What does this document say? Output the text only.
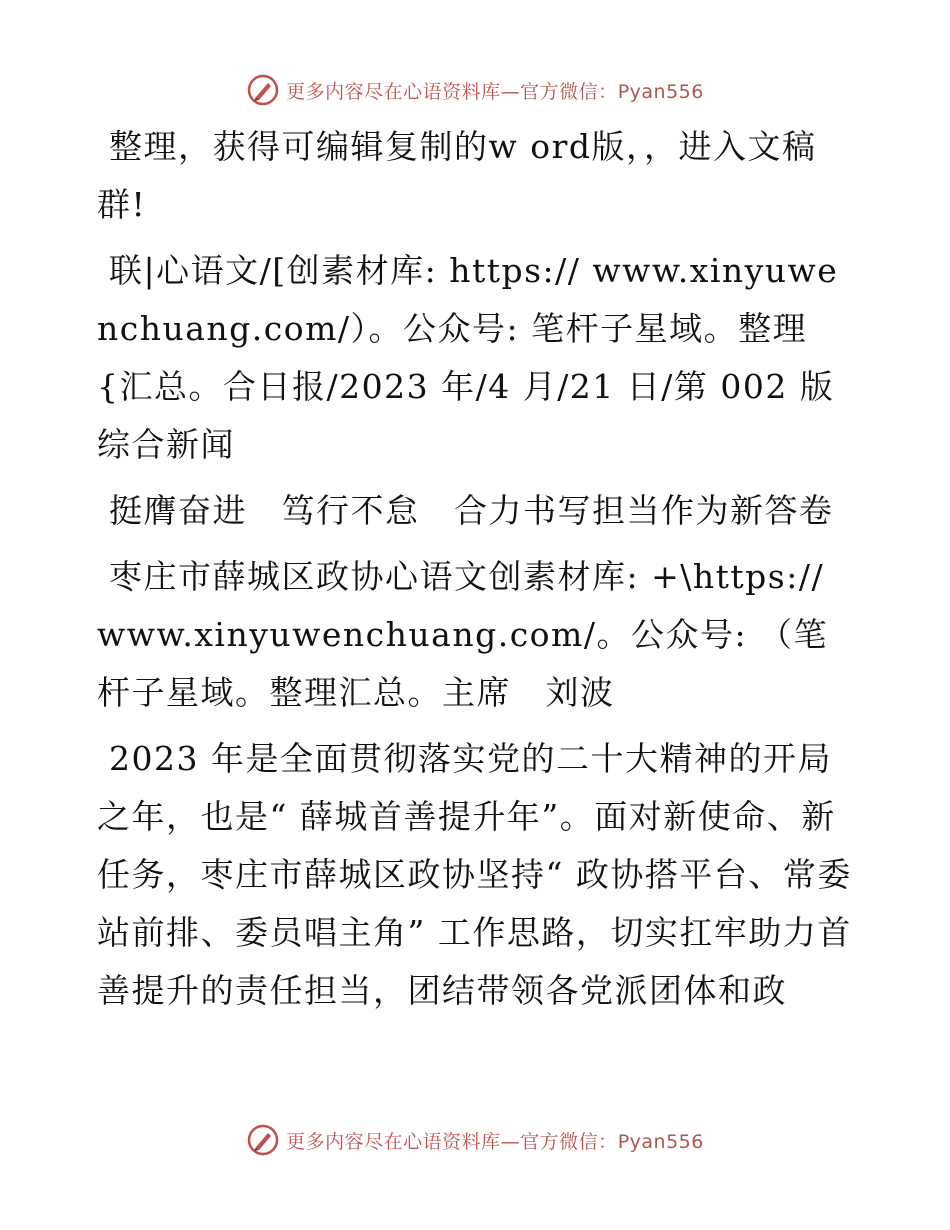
更多内容尽在心语资料库—官方微信：Pyan556

整理，获得可编辑复制的w ord版，，进入文稿群!

联|心语文/[创素材库: https:// www.xinyuwenchuang.com/）。公众号: 笔杆子星域。整理{汇总。合日报/2023 年/4 月/21 日/第 002 版综合新闻

挺膺奋进　笃行不怠　合力书写担当作为新答卷

枣庄市薛城区政协心语文创素材库: +\https:// www.xinyuwenchuang.com/。公众号: （笔杆子星域。整理汇总。主席　刘波

2023 年是全面贯彻落实党的二十大精神的开局之年，也是“ 薛城首善提升年”。面对新使命、新任务，枣庄市薛城区政协坚持“ 政协搭平台、常委站前排、委员唱主角” 工作思路，切实扛牢助力首善提升的责任担当，团结带领各党派团体和政

更多内容尽在心语资料库—官方微信：Pyan556
